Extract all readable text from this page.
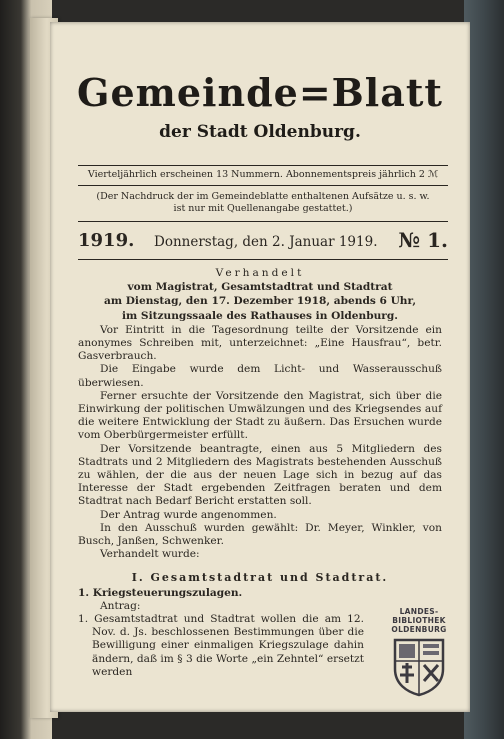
Gemeinde=Blatt
der Stadt Oldenburg.
Vierteljährlich erscheinen 13 Nummern. Abonnementspreis jährlich 2 ℳ
(Der Nachdruck der im Gemeindeblatte enthaltenen Aufsätze u. s. w.
ist nur mit Quellenangabe gestattet.)
1919. Donnerstag, den 2. Januar 1919. № 1.

Verhandelt

vom Magistrat, Gesamtstadtrat und Stadtrat

am Dienstag, den 17. Dezember 1918, abends 6 Uhr,

im Sitzungssaale des Rathauses in Oldenburg.

Vor Eintritt in die Tagesordnung teilte der Vorsitzende ein anonymes Schreiben mit, unterzeichnet: „Eine Hausfrau“, betr. Gasverbrauch.

Die Eingabe wurde dem Licht- und Wasserausschuß überwiesen.

Ferner ersuchte der Vorsitzende den Magistrat, sich über die Einwirkung der politischen Umwälzungen und des Kriegsendes auf die weitere Entwicklung der Stadt zu äußern. Das Ersuchen wurde vom Oberbürgermeister erfüllt.

Der Vorsitzende beantragte, einen aus 5 Mitgliedern des Stadtrats und 2 Mitgliedern des Magistrats bestehenden Ausschuß zu wählen, der die aus der neuen Lage sich in bezug auf das Interesse der Stadt ergebenden Zeitfragen beraten und dem Stadtrat nach Bedarf Bericht erstatten soll.

Der Antrag wurde angenommen.

In den Ausschuß wurden gewählt: Dr. Meyer, Winkler, von Busch, Janßen, Schwenker.

Verhandelt wurde:

I. Gesamtstadtrat und Stadtrat.

1. Kriegsteuerungszulagen.

Antrag:

1. Gesamtstadtrat und Stadtrat wollen die am 12. Nov. d. Js. beschlossenen Bestimmungen über die Bewilligung einer einmaligen Kriegszulage dahin ändern, daß im § 3 die Worte „ein Zehntel“ ersetzt werden

LANDES-
BIBLIOTHEK
OLDENBURG
